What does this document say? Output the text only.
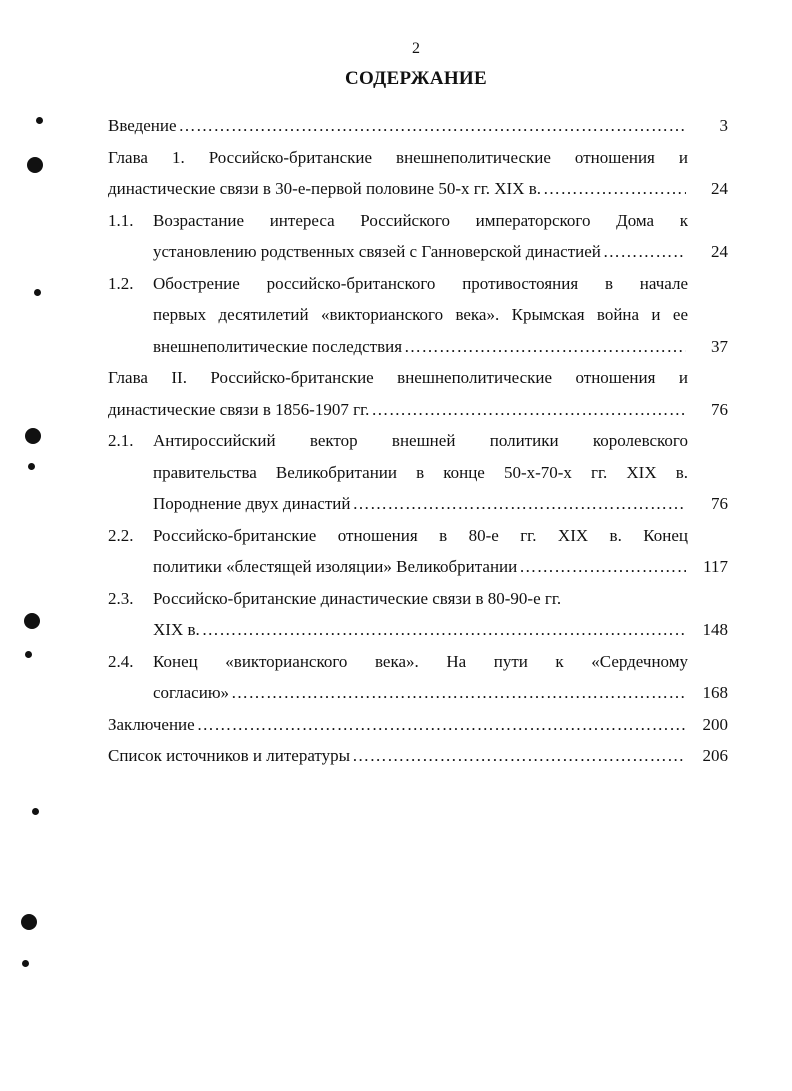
2
СОДЕРЖАНИЕ
Введение ……………………………………………………………………………………………………………………………………………………………………	3
Глава 1. Российско-британские внешнеполитические отношения и
династические связи в 30-е-первой половине 50-х гг. XIX в. ……………………………………………………………………………………………………………………………………………………………………	24
1.1.	Возрастание интереса Российского императорского Дома к
установлению родственных связей с Ганноверской династией ……………………………………………………………………………………………………………………………………………………………………	24
1.2.	Обострение российско-британского противостояния в начале
первых десятилетий «викторианского века». Крымская война и ее
внешнеполитические последствия ……………………………………………………………………………………………………………………………………………………………………	37
Глава II. Российско-британские внешнеполитические отношения и
династические связи в 1856-1907 гг. ……………………………………………………………………………………………………………………………………………………………………	76
2.1.	Антироссийский вектор внешней политики королевского
правительства Великобритании в конце 50-х-70-х гг. XIX в.
Породнение двух династий ……………………………………………………………………………………………………………………………………………………………………	76
2.2.	Российско-британские отношения в 80-е гг. XIX в. Конец
политики «блестящей изоляции» Великобритании ……………………………………………………………………………………………………………………………………………………………………	117
2.3.	Российско-британские династические связи в 80-90-е гг.
XIX в. ……………………………………………………………………………………………………………………………………………………………………	148
2.4.	Конец «викторианского века». На пути к «Сердечному
согласию» ……………………………………………………………………………………………………………………………………………………………………	168
Заключение ……………………………………………………………………………………………………………………………………………………………………	200
Список источников и литературы ……………………………………………………………………………………………………………………………………………………………………	206
